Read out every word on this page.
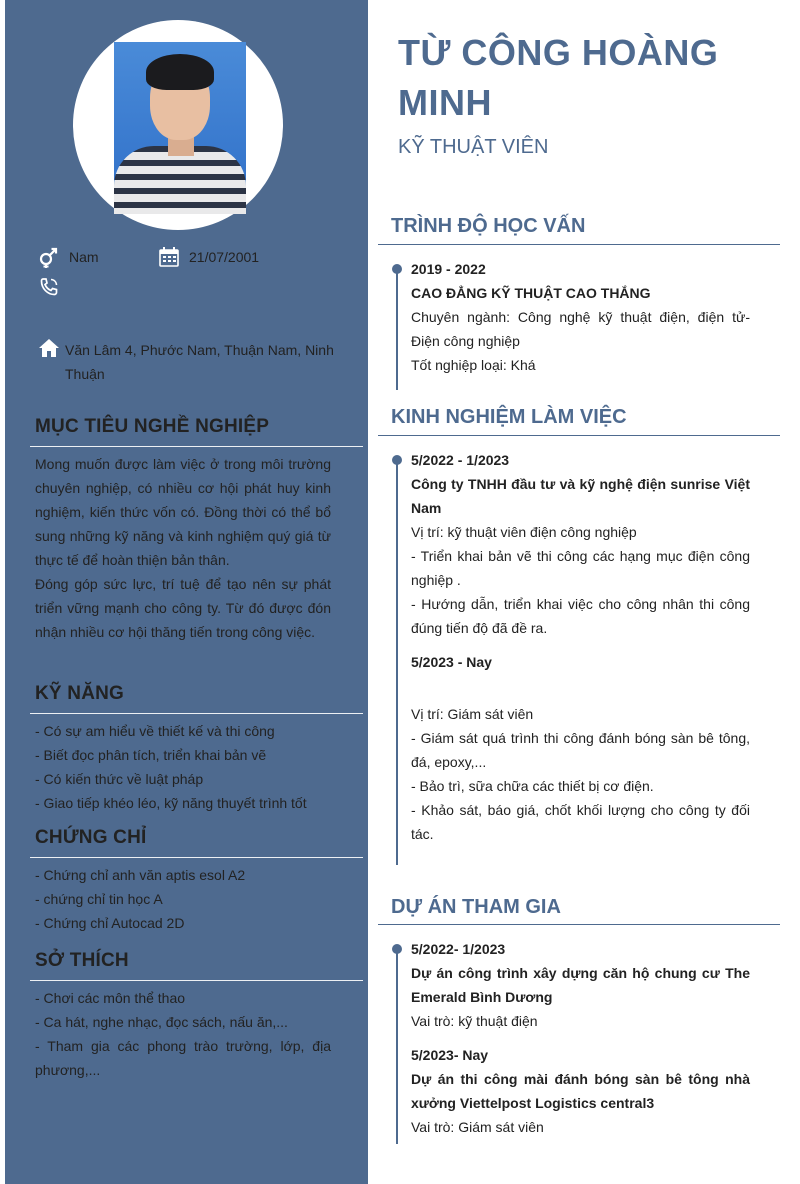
Nam	21/07/2001
Văn Lâm 4, Phước Nam, Thuận Nam, Ninh Thuận
MỤC TIÊU NGHỀ NGHIỆP

Mong muốn được làm việc ở trong môi trường chuyên nghiệp, có nhiều cơ hội phát huy kinh nghiệm, kiến thức vốn có. Đồng thời có thể bổ sung những kỹ năng và kinh nghiệm quý giá từ thực tế để hoàn thiện bản thân.

Đóng góp sức lực, trí tuệ để tạo nên sự phát triển vững mạnh cho công ty. Từ đó được đón nhận nhiều cơ hội thăng tiến trong công việc.

KỸ NĂNG
- Có sự am hiểu về thiết kế và thi công
- Biết đọc phân tích, triển khai bản vẽ
- Có kiến thức về luật pháp
- Giao tiếp khéo léo, kỹ năng thuyết trình tốt
CHỨNG CHỈ
- Chứng chỉ anh văn aptis esol A2
- chứng chỉ tin học A
- Chứng chỉ Autocad 2D
SỞ THÍCH
- Chơi các môn thể thao
- Ca hát, nghe nhạc, đọc sách, nấu ăn,...
- Tham gia các phong trào trường, lớp, địa phương,...
TỪ CÔNG HOÀNG MINH
KỸ THUẬT VIÊN
TRÌNH ĐỘ HỌC VẤN
2019 - 2022
CAO ĐẲNG KỸ THUẬT CAO THẮNG
Chuyên ngành: Công nghệ kỹ thuật điện, điện tử- Điện công nghiệp
Tốt nghiệp loại: Khá
KINH NGHIỆM LÀM VIỆC
5/2022 - 1/2023
Công ty TNHH đầu tư và kỹ nghệ điện sunrise Việt Nam
Vị trí: kỹ thuật viên điện công nghiệp
- Triển khai bản vẽ thi công các hạng mục điện công nghiệp .
- Hướng dẫn, triển khai việc cho công nhân thi công đúng tiến độ đã đề ra.
5/2023 - Nay
Vị trí: Giám sát viên
- Giám sát quá trình thi công đánh bóng sàn bê tông, đá, epoxy,...
- Bảo trì, sữa chữa các thiết bị cơ điện.
- Khảo sát, báo giá, chốt khối lượng cho công ty đối tác.
DỰ ÁN THAM GIA
5/2022- 1/2023
Dự án công trình xây dựng căn hộ chung cư The Emerald Bình Dương
Vai trò: kỹ thuật điện
5/2023- Nay
Dự án thi công mài đánh bóng sàn bê tông nhà xưởng Viettelpost Logistics central3
Vai trò: Giám sát viên
